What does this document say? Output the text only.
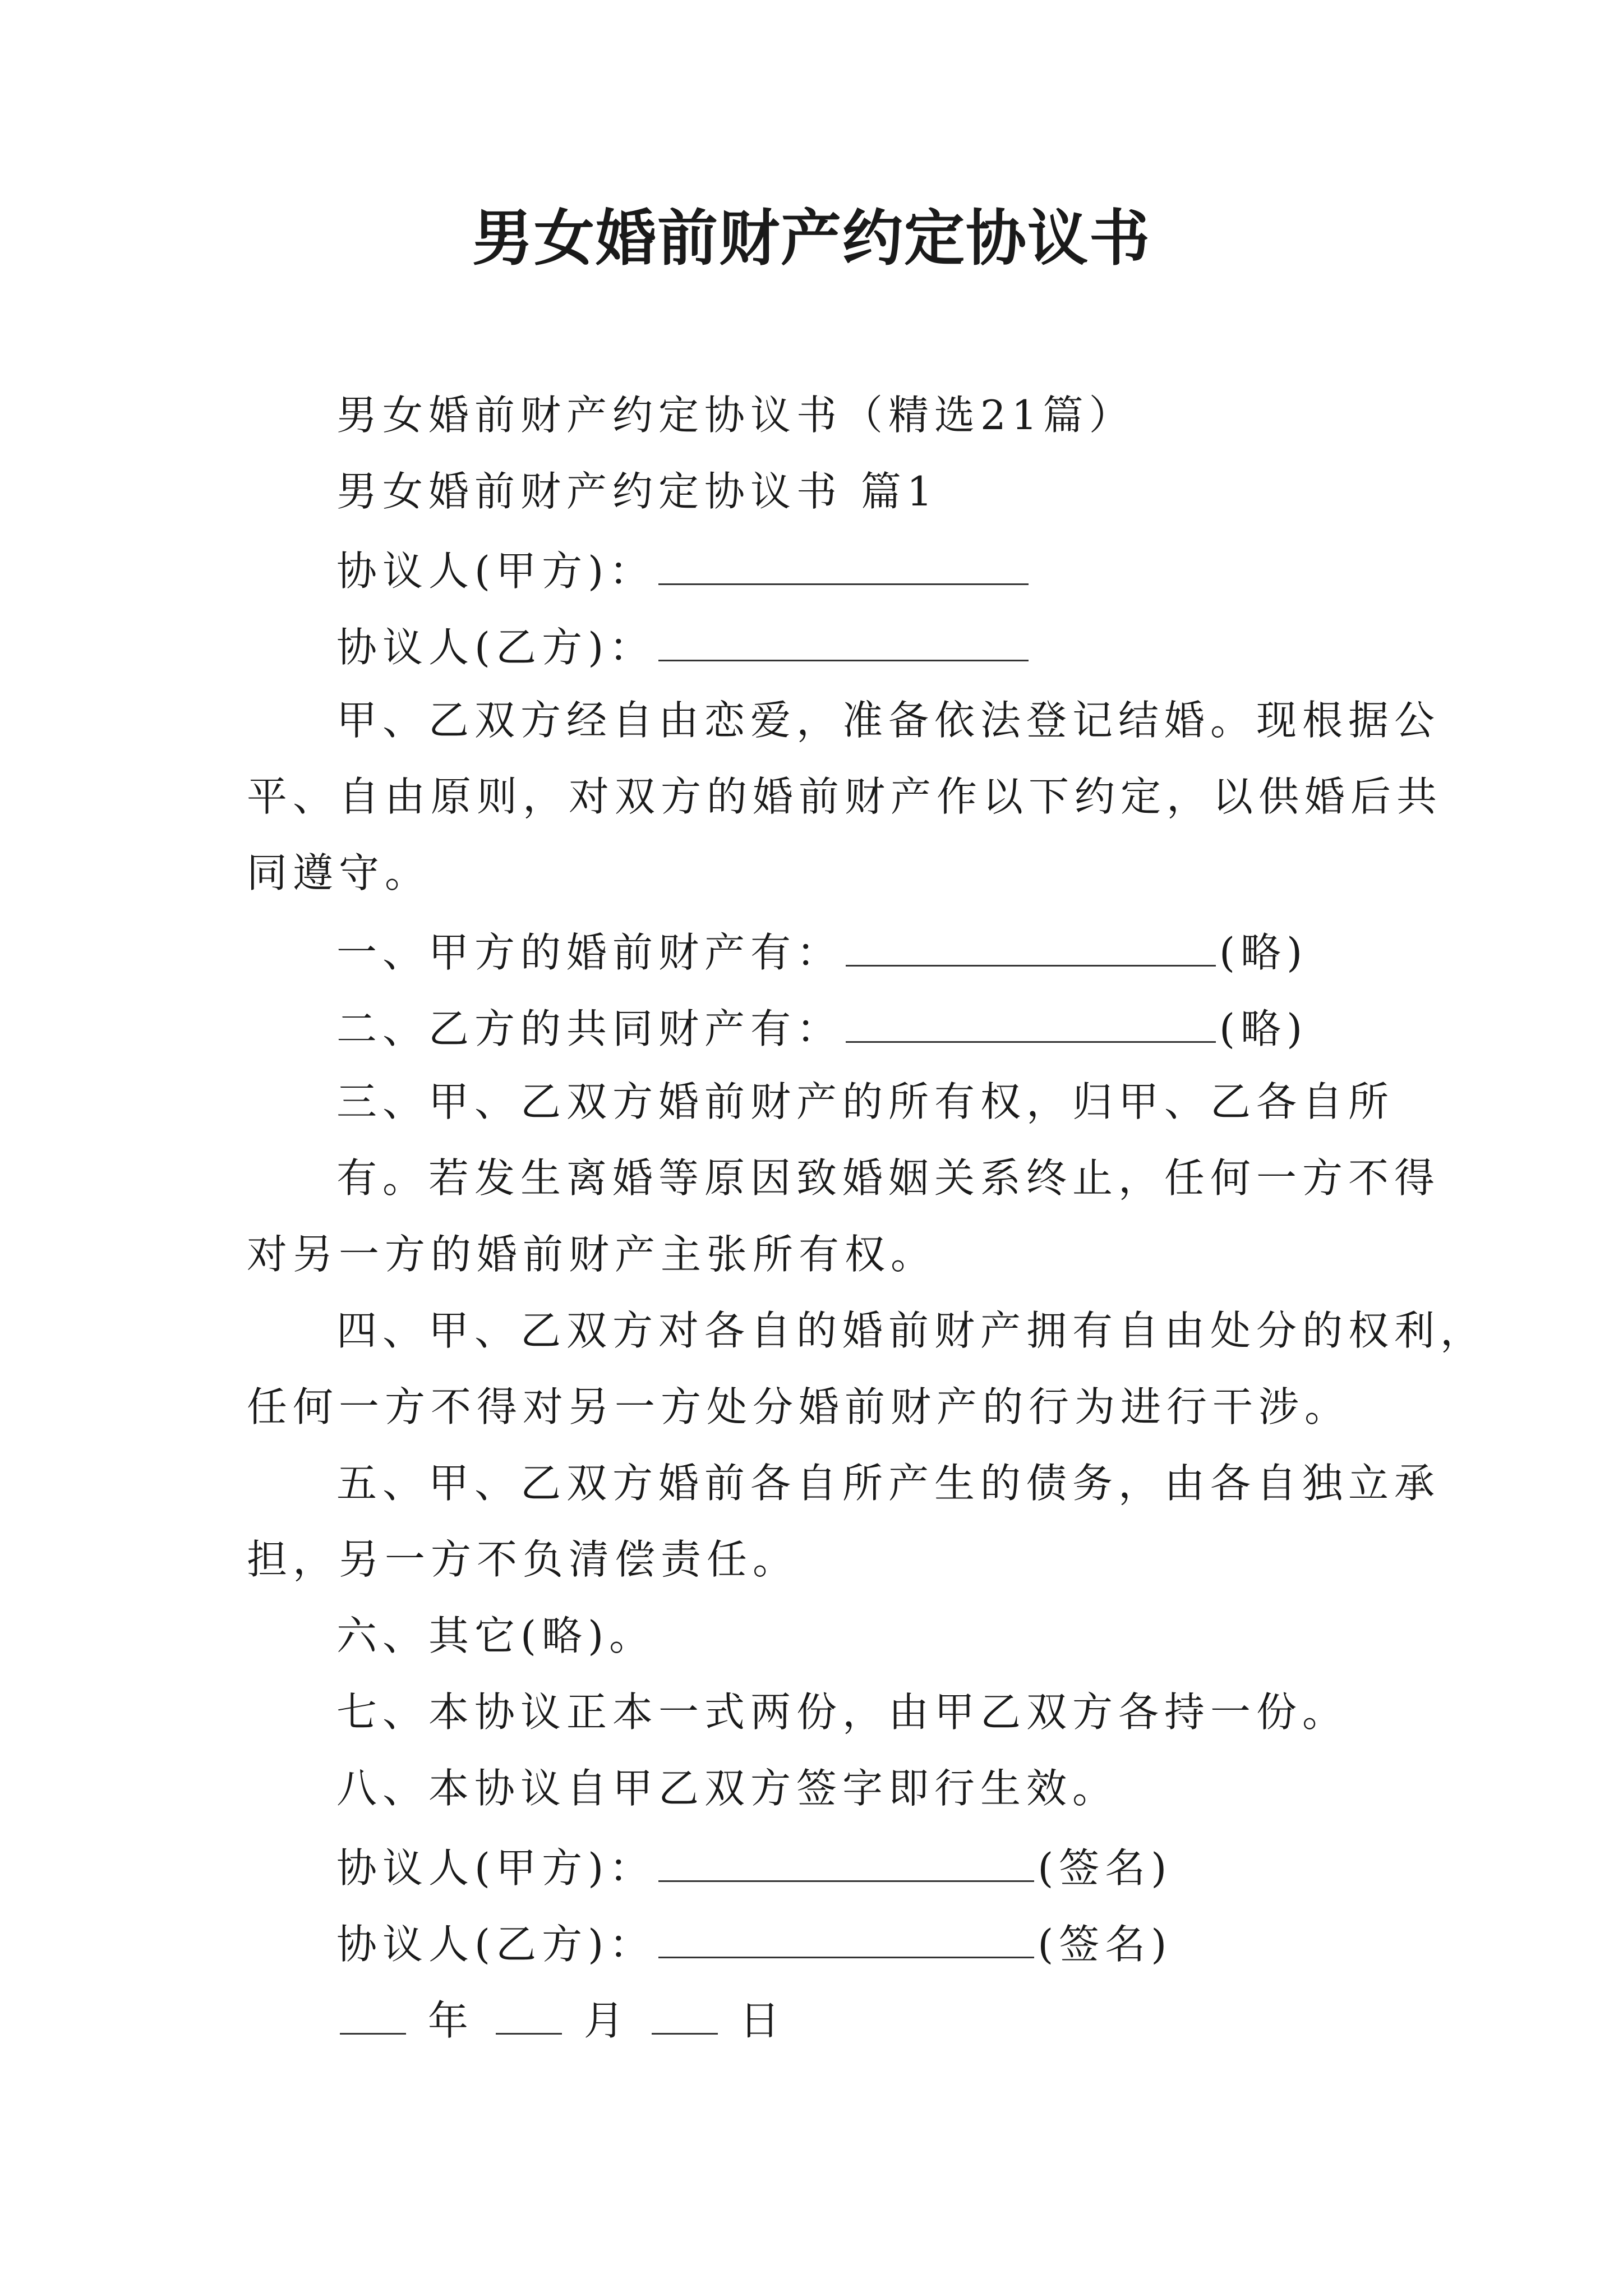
男女婚前财产约定协议书
男女婚前财产约定协议书（精选21篇）
男女婚前财产约定协议书 篇1
协议人(甲方)：
协议人(乙方)：
甲、乙双方经自由恋爱，准备依法登记结婚。现根据公
平、自由原则，对双方的婚前财产作以下约定，以供婚后共
同遵守。
一、甲方的婚前财产有：	(略)
二、乙方的共同财产有：	(略)
三、甲、乙双方婚前财产的所有权，归甲、乙各自所
有。若发生离婚等原因致婚姻关系终止，任何一方不得
对另一方的婚前财产主张所有权。
四、甲、乙双方对各自的婚前财产拥有自由处分的权利，
任何一方不得对另一方处分婚前财产的行为进行干涉。
五、甲、乙双方婚前各自所产生的债务，由各自独立承
担，另一方不负清偿责任。
六、其它(略)。
七、本协议正本一式两份，由甲乙双方各持一份。
八、本协议自甲乙双方签字即行生效。
协议人(甲方)：	(签名)
协议人(乙方)：	(签名)
年	月	日
